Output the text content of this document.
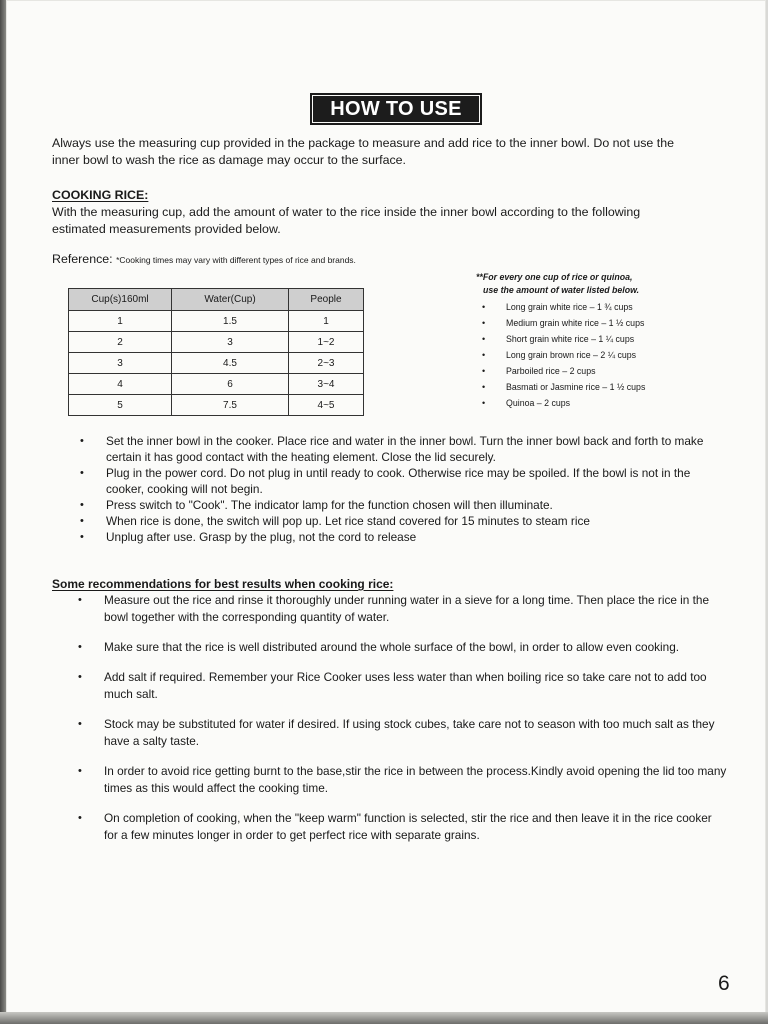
HOW TO USE

Always use the measuring cup provided in the package to measure and add rice to the inner bowl. Do not use the inner bowl to wash the rice as damage may occur to the surface.

COOKING RICE:
With the measuring cup, add the amount of water to the rice inside the inner bowl according to the following estimated measurements provided below.
Reference: *Cooking times may vary with different types of rice and brands.
Cup(s)160ml	Water(Cup)	People
1	1.5	1
2	3	1~2
3	4.5	2~3
4	6	3~4
5	7.5	4~5
**For every one cup of rice or quinoa,
use the amount of water listed below.
• Long grain white rice – 1 ¾ cups
• Medium grain white rice – 1 ½ cups
• Short grain white rice – 1 ¼ cups
• Long grain brown rice – 2 ¼ cups
• Parboiled rice – 2 cups
• Basmati or Jasmine rice – 1 ½ cups
• Quinoa – 2 cups
• Set the inner bowl in the cooker. Place rice and water in the inner bowl. Turn the inner bowl back and forth to make certain it has good contact with the heating element. Close the lid securely.
• Plug in the power cord. Do not plug in until ready to cook. Otherwise rice may be spoiled. If the bowl is not in the cooker, cooking will not begin.
• Press switch to "Cook". The indicator lamp for the function chosen will then illuminate.
• When rice is done, the switch will pop up. Let rice stand covered for 15 minutes to steam rice
• Unplug after use. Grasp by the plug, not the cord to release
Some recommendations for best results when cooking rice:
• Measure out the rice and rinse it thoroughly under running water in a sieve for a long time. Then place the rice in the bowl together with the corresponding quantity of water.
• Make sure that the rice is well distributed around the whole surface of the bowl, in order to allow even cooking.
• Add salt if required. Remember your Rice Cooker uses less water than when boiling rice so take care not to add too much salt.
• Stock may be substituted for water if desired. If using stock cubes, take care not to season with too much salt as they have a salty taste.
• In order to avoid rice getting burnt to the base,stir the rice in between the process.Kindly avoid opening the lid too many times as this would affect the cooking time.
• On completion of cooking, when the "keep warm" function is selected, stir the rice and then leave it in the rice cooker for a few minutes longer in order to get perfect rice with separate grains.
6
